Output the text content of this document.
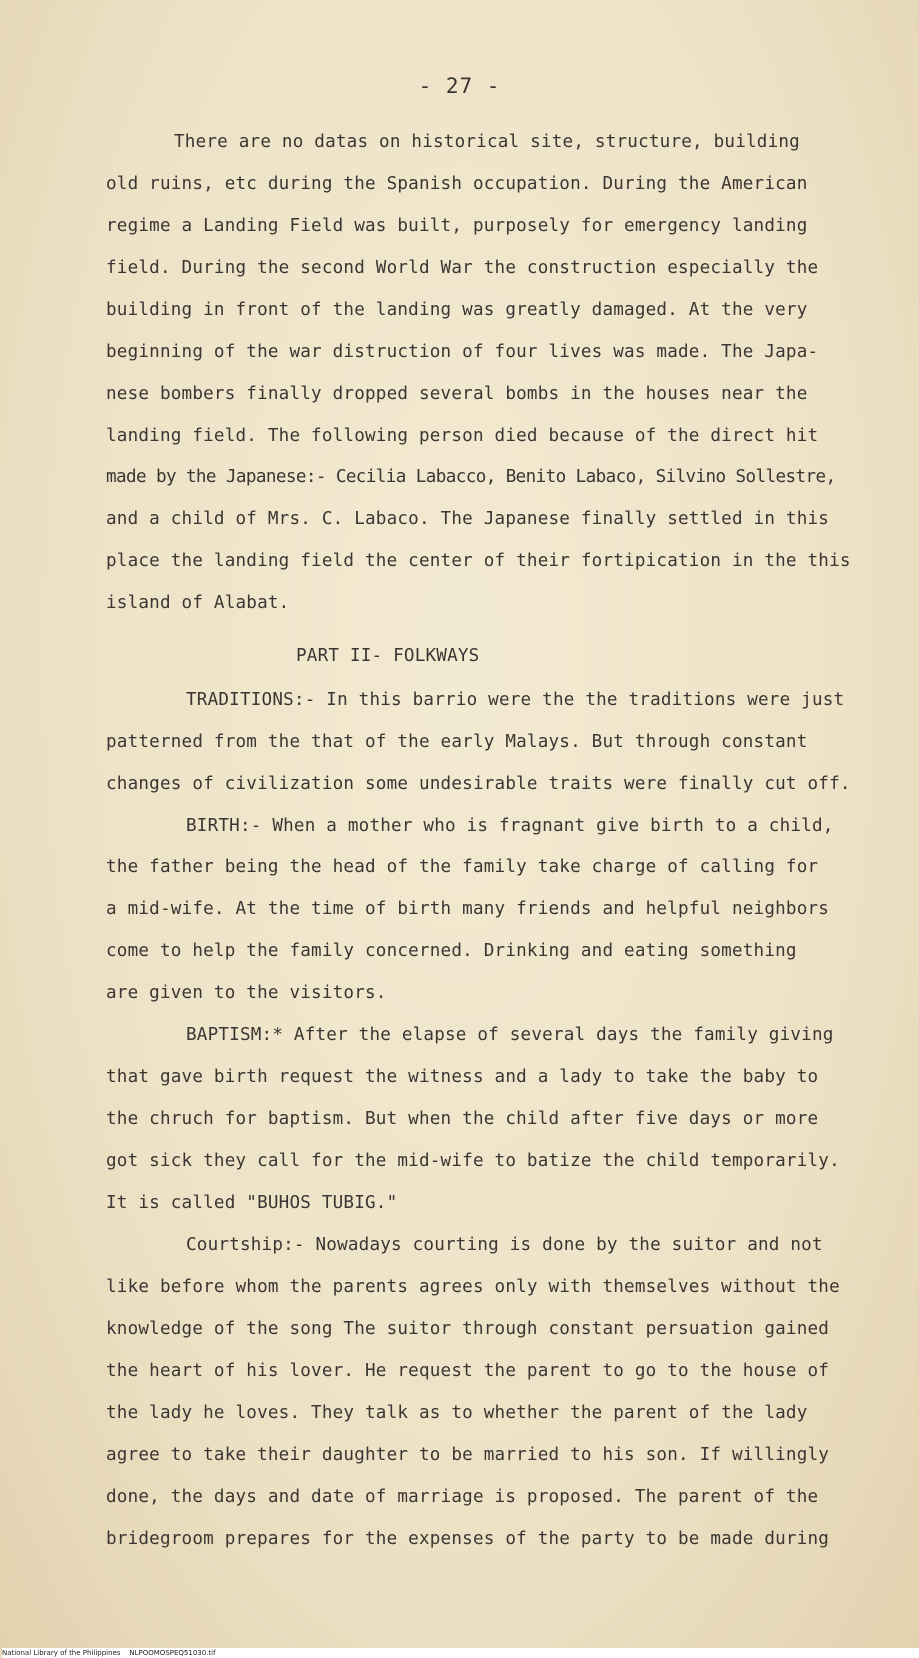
- 27 -
There are no datas on historical site, structure, building
old ruins, etc during the Spanish occupation. During the American
regime a Landing Field was built, purposely for emergency landing
field. During the second World War the construction especially the
building in front of the landing was greatly damaged. At the very
beginning of the war distruction of four lives was made. The Japa-
nese bombers finally dropped several bombs in the houses near the
landing field. The following person died because of the direct hit
made by the Japanese:- Cecilia Labacco, Benito Labaco, Silvino Sollestre,
and a child of Mrs. C. Labaco. The Japanese finally settled in this
place the landing field the center of their fortipication in the this
island of Alabat.
PART II- FOLKWAYS
TRADITIONS:- In this barrio were the the traditions were just
patterned from the that of the early Malays. But through constant
changes of civilization some undesirable traits were finally cut off.
BIRTH:- When a mother who is fragnant give birth to a child,
the father being the head of the family take charge of calling for
a mid-wife. At the time of birth many friends and helpful neighbors
come to help the family concerned. Drinking and eating something
are given to the visitors.
BAPTISM:* After the elapse of several days the family giving
that gave birth request the witness and a lady to take the baby to
the chruch for baptism. But when the child after five days or more
got sick they call for the mid-wife to batize the child temporarily.
It is called "BUHOS TUBIG."
Courtship:- Nowadays courting is done by the suitor and not
like before whom the parents agrees only with themselves without the
knowledge of the song The suitor through constant persuation gained
the heart of his lover. He request the parent to go to the house of
the lady he loves. They talk as to whether the parent of the lady
agree to take their daughter to be married to his son. If willingly
done, the days and date of marriage is proposed. The parent of the
bridegroom prepares for the expenses of the party to be made during
National Library of the Philippines    NLPOOMOSPEQ51030.tif
